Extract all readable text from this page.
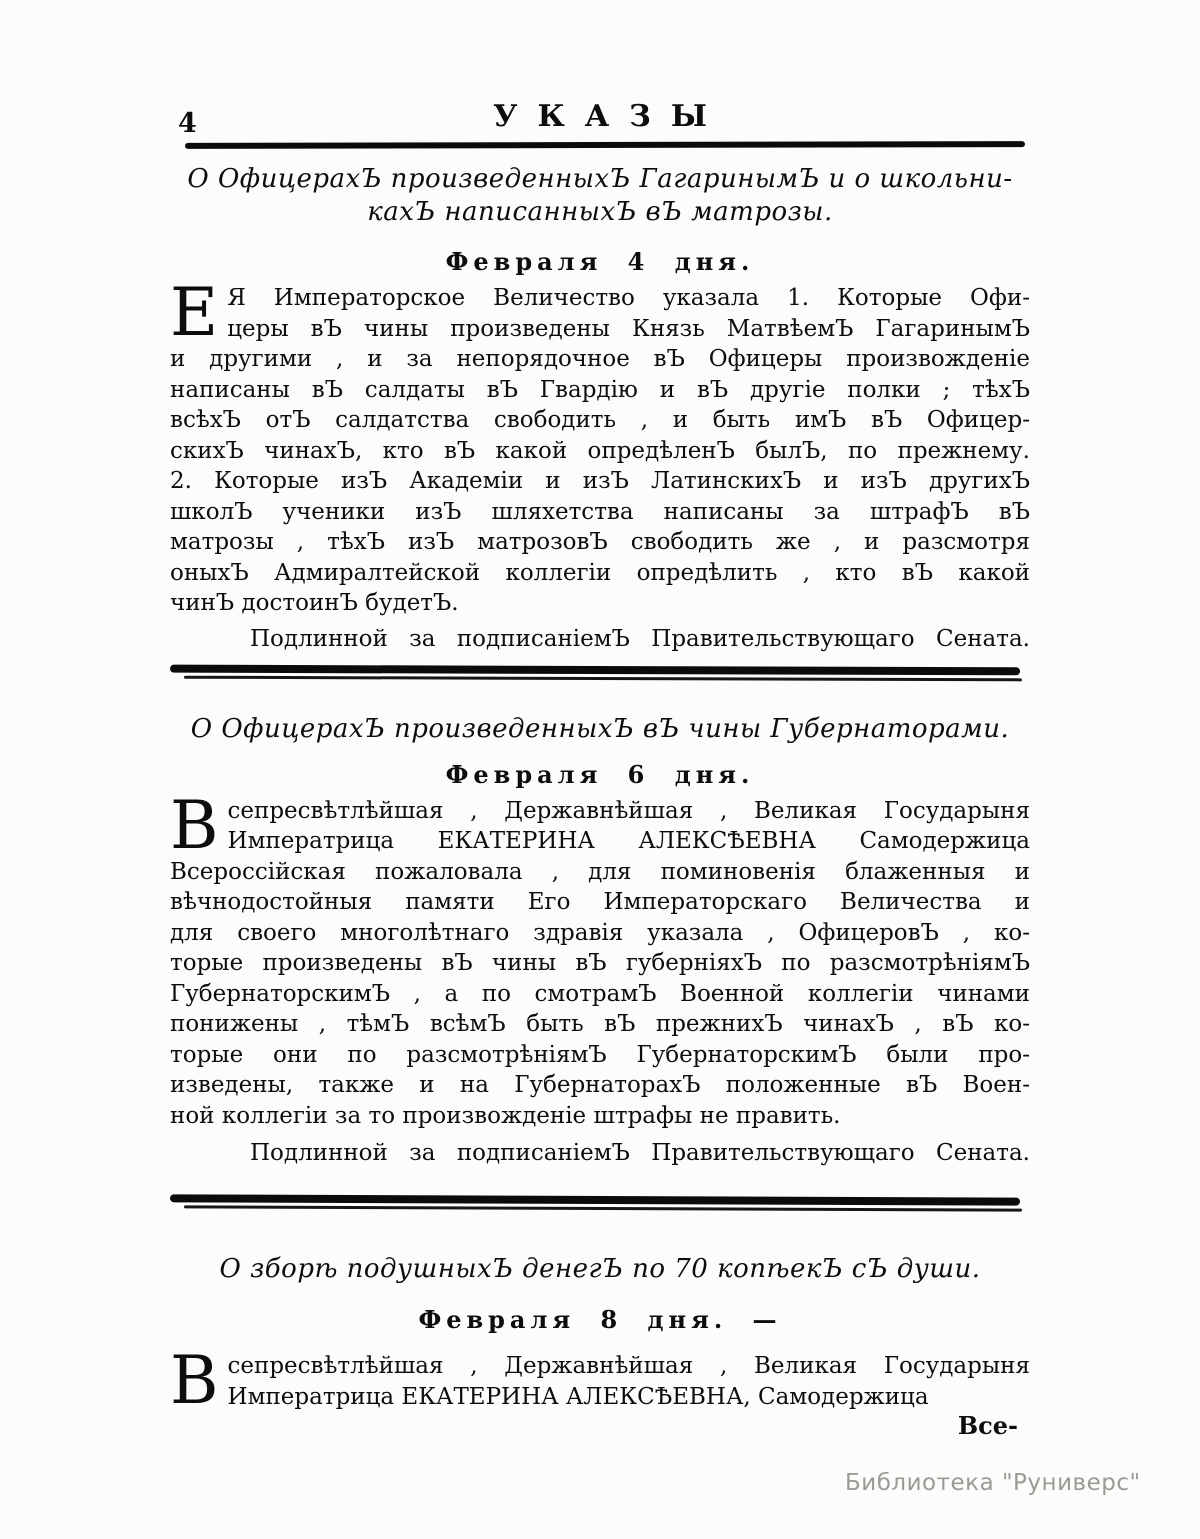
4	УКАЗЫ
О ОфицерахЪ произведенныхЪ ГагаринымЪ и о школьни-
кахЪ написанныхЪ вЪ матрозы.
Февраля 4 дня.
Е Я Императорское Величество указала 1. Которые Офи-
церы вЪ чины произведены Князь МатвѣемЪ ГагаринымЪ
и другими , и за непорядочное вЪ Офицеры произвожденіе
написаны вЪ салдаты вЪ Гвардію и вЪ другіе полки ; тѣхЪ
всѣхЪ отЪ салдатства свободить , и быть имЪ вЪ Офицер-
скихЪ чинахЪ, кто вЪ какой опредѣленЪ былЪ, по прежнему.
2. Которые изЪ Академіи и изЪ ЛатинскихЪ и изЪ другихЪ
школЪ ученики изЪ шляхетства написаны за штрафЪ вЪ
матрозы , тѣхЪ изЪ матрозовЪ свободить же , и разсмотря
оныхЪ Адмиралтейской коллегіи опредѣлить , кто вЪ какой
чинЪ достоинЪ будетЪ.
Подлинной за подписаніемЪ Правительствующаго Сената.
О ОфицерахЪ произведенныхЪ вЪ чины Губернаторами.
Февраля 6 дня.
В сепресвѣтлѣйшая , Державнѣйшая , Великая Государыня
Императрица ЕКАТЕРИНА АЛЕКСѢЕВНА Самодержица
Всероссійская пожаловала , для поминовенія блаженныя и
вѣчнодостойныя памяти Его Императорскаго Величества и
для своего многолѣтнаго здравія указала , ОфицеровЪ , ко-
торые произведены вЪ чины вЪ губерніяхЪ по разсмотрѣніямЪ
ГубернаторскимЪ , а по смотрамЪ Военной коллегіи чинами
понижены , тѣмЪ всѣмЪ быть вЪ прежнихЪ чинахЪ , вЪ ко-
торые они по разсмотрѣніямЪ ГубернаторскимЪ были про-
изведены, также и на ГубернаторахЪ положенные вЪ Воен-
ной коллегіи за то произвожденіе штрафы не править.
Подлинной за подписаніемЪ Правительствующаго Сената.
О зборѣ подушныхЪ денегЪ по 70 копѣекЪ сЪ души.
Февраля 8 дня. —
В сепресвѣтлѣйшая , Державнѣйшая , Великая Государыня
Императрица ЕКАТЕРИНА АЛЕКСѢЕВНА, Самодержица
Все-
Библиотека "Руниверс"
